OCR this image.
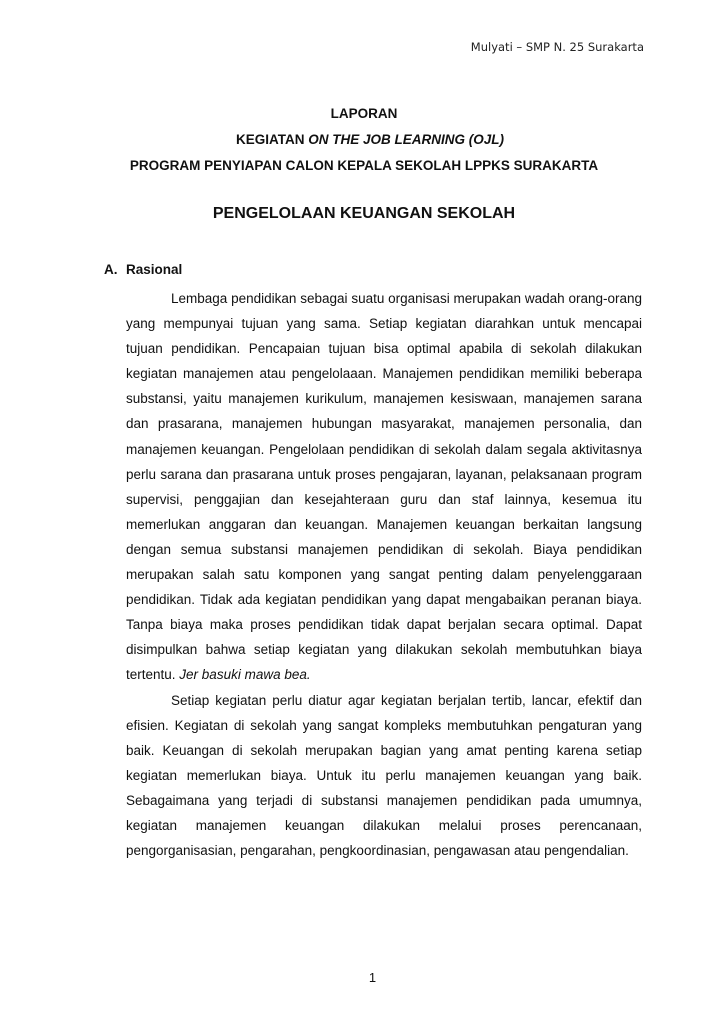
Mulyati – SMP N. 25 Surakarta
LAPORAN
KEGIATAN ON THE JOB LEARNING (OJL)
PROGRAM PENYIAPAN CALON KEPALA SEKOLAH LPPKS SURAKARTA
PENGELOLAAN KEUANGAN SEKOLAH
A. Rasional

Lembaga pendidikan sebagai suatu organisasi merupakan wadah orang-orang yang mempunyai tujuan yang sama. Setiap kegiatan diarahkan untuk mencapai tujuan pendidikan. Pencapaian tujuan bisa optimal apabila di sekolah dilakukan kegiatan manajemen atau pengelolaaan. Manajemen pendidikan memiliki beberapa substansi, yaitu manajemen kurikulum, manajemen kesiswaan, manajemen sarana dan prasarana, manajemen hubungan masyarakat, manajemen personalia, dan manajemen keuangan. Pengelolaan pendidikan di sekolah dalam segala aktivitasnya perlu sarana dan prasarana untuk proses pengajaran, layanan, pelaksanaan program supervisi, penggajian dan kesejahteraan guru dan staf lainnya, kesemua itu memerlukan anggaran dan keuangan. Manajemen keuangan berkaitan langsung dengan semua substansi manajemen pendidikan di sekolah. Biaya pendidikan merupakan salah satu komponen yang sangat penting dalam penyelenggaraan pendidikan. Tidak ada kegiatan pendidikan yang dapat mengabaikan peranan biaya. Tanpa biaya maka proses pendidikan tidak dapat berjalan secara optimal. Dapat disimpulkan bahwa setiap kegiatan yang dilakukan sekolah membutuhkan biaya tertentu. Jer basuki mawa bea.

Setiap kegiatan perlu diatur agar kegiatan berjalan tertib, lancar, efektif dan efisien. Kegiatan di sekolah yang sangat kompleks membutuhkan pengaturan yang baik. Keuangan di sekolah merupakan bagian yang amat penting karena setiap kegiatan memerlukan biaya. Untuk itu perlu manajemen keuangan yang baik. Sebagaimana yang terjadi di substansi manajemen pendidikan pada umumnya, kegiatan manajemen keuangan dilakukan melalui proses perencanaan, pengorganisasian, pengarahan, pengkoordinasian, pengawasan atau pengendalian.

1
